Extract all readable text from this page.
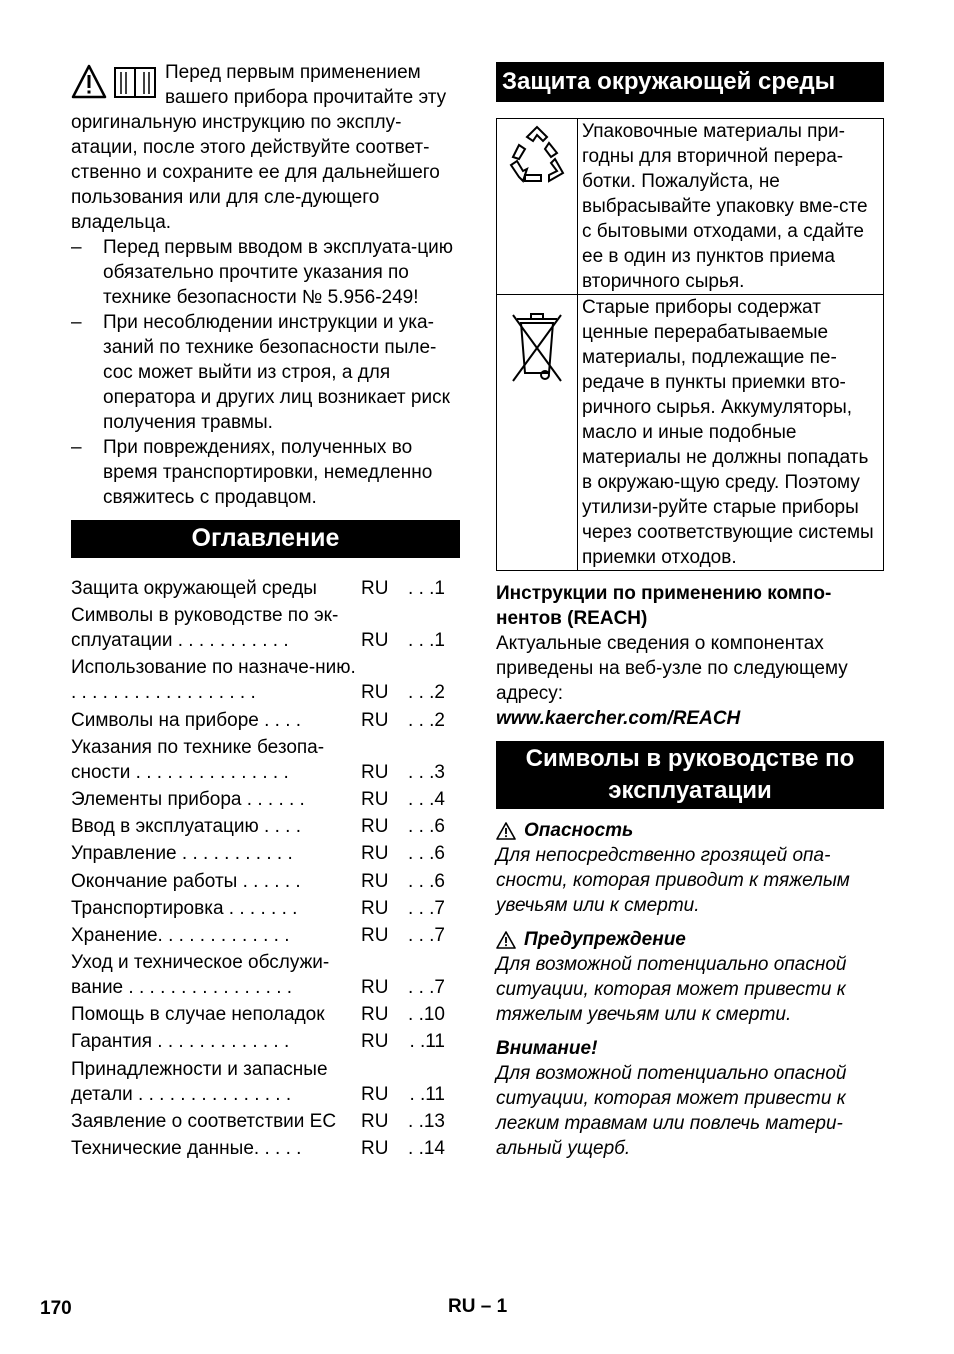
Перед первым применением вашего прибора прочитайте эту оригинальную инструкцию по эксплу-атации, после этого действуйте соответ-ственно и сохраните ее для дальнейшего пользования или для сле-дующего владельца.
–	Перед первым вводом в эксплуата-цию обязательно прочтите указания по технике безопасности № 5.956-249!
–	При несоблюдении инструкции и ука-заний по технике безопасности пыле-сос может выйти из строя, а для оператора и других лиц возникает риск получения травмы.
–	При повреждениях, полученных во время транспортировки, немедленно свяжитесь с продавцом.
Оглавление
Защита окружающей среды	RU	. . .1
Символы в руководстве по эк-сплуатации . . . . . . . . . . .	RU	. . .1
Использование по назначе-нию. . . . . . . . . . . . . . . . . . .	RU	. . .2
Символы на приборе . . . .	RU	. . .2
Указания по технике безопа-сности . . . . . . . . . . . . . . .	RU	. . .3
Элементы прибора . . . . . .	RU	. . .4
Ввод в эксплуатацию . . . .	RU	. . .6
Управление . . . . . . . . . . .	RU	. . .6
Окончание работы . . . . . .	RU	. . .6
Транспортировка . . . . . . .	RU	. . .7
Хранение. . . . . . . . . . . . .	RU	. . .7
Уход и техническое обслужи-вание . . . . . . . . . . . . . . . .	RU	. . .7
Помощь в случае неполадок	RU	. .10
Гарантия . . . . . . . . . . . . .	RU	. .11
Принадлежности и запасные детали . . . . . . . . . . . . . . .	RU	. .11
Заявление о соответствии ЕС	RU	. .13
Технические данные. . . . .	RU	. .14
Защита окружающей среды
	Упаковочные материалы при-годны для вторичной перера-ботки. Пожалуйста, не выбрасывайте упаковку вме-сте с бытовыми отходами, а сдайте ее в один из пунктов приема вторичного сырья.
	Старые приборы содержат ценные перерабатываемые материалы, подлежащие пе-редаче в пункты приемки вто-ричного сырья. Аккумуляторы, масло и иные подобные материалы не должны попадать в окружаю-щую среду. Поэтому утилизи-руйте старые приборы через соответствующие системы приемки отходов.
Инструкции по применению компо-нентов (REACH)
Актуальные сведения о компонентах приведены на веб-узле по следующему адресу:
www.kaercher.com/REACH
Символы в руководстве по эксплуатации
Опасность
Для непосредственно грозящей опа-сности, которая приводит к тяжелым увечьям или к смерти.
Предупреждение
Для возможной потенциально опасной ситуации, которая может привести к тяжелым увечьям или к смерти.
Внимание!
Для возможной потенциально опасной ситуации, которая может привести к легким травмам или повлечь матери-альный ущерб.
170	RU – 1
